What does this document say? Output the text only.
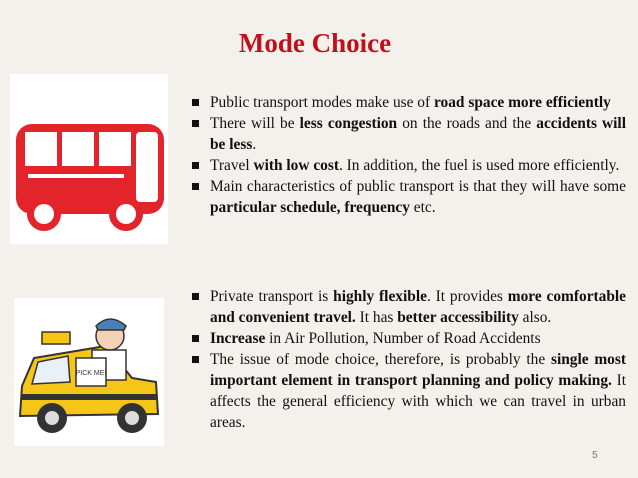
Mode Choice
PICK ME!
Public transport modes make use of road space more efficiently
There will be less congestion on the roads and the accidents will be less.
Travel with low cost. In addition, the fuel is used more efficiently.
Main characteristics of public transport is that they will have some particular schedule, frequency etc.
Private transport is highly flexible. It provides more comfortable and convenient travel. It has better accessibility also.
Increase in Air Pollution, Number of Road Accidents
The issue of mode choice, therefore, is probably the single most important element in transport planning and policy making. It affects the general efficiency with which we can travel in urban areas.
5
